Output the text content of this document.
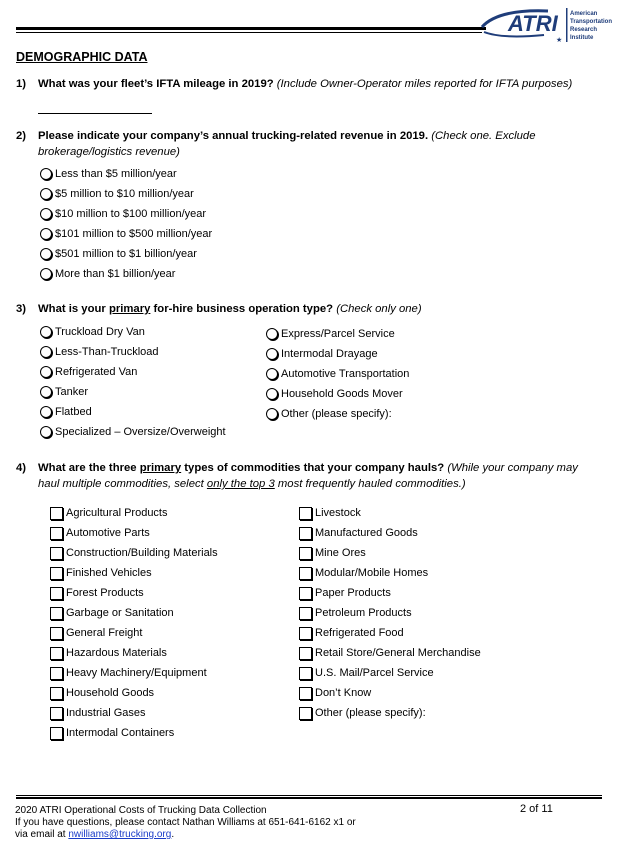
ATRI American
Transportation
Research
Institute
★
DEMOGRAPHIC DATA
1) What was your fleet’s IFTA mileage in 2019? (Include Owner-Operator miles reported for IFTA purposes)
2) Please indicate your company’s annual trucking-related revenue in 2019. (Check one. Exclude brokerage/logistics revenue)
Less than $5 million/year
$5 million to $10 million/year
$10 million to $100 million/year
$101 million to $500 million/year
$501 million to $1 billion/year
More than $1 billion/year
3) What is your primary for-hire business operation type? (Check only one)
Truckload Dry Van
Less-Than-Truckload
Refrigerated Van
Tanker
Flatbed
Specialized – Oversize/Overweight
Express/Parcel Service
Intermodal Drayage
Automotive Transportation
Household Goods Mover
Other (please specify):
4) What are the three primary types of commodities that your company hauls? (While your company may haul multiple commodities, select only the top 3 most frequently hauled commodities.)
Agricultural Products
Automotive Parts
Construction/Building Materials
Finished Vehicles
Forest Products
Garbage or Sanitation
General Freight
Hazardous Materials
Heavy Machinery/Equipment
Household Goods
Industrial Gases
Intermodal Containers
Livestock
Manufactured Goods
Mine Ores
Modular/Mobile Homes
Paper Products
Petroleum Products
Refrigerated Food
Retail Store/General Merchandise
U.S. Mail/Parcel Service
Don’t Know
Other (please specify):
2020 ATRI Operational Costs of Trucking Data Collection
If you have questions, please contact Nathan Williams at 651-641-6162 x1 or
via email at nwilliams@trucking.org.
2 of 11
